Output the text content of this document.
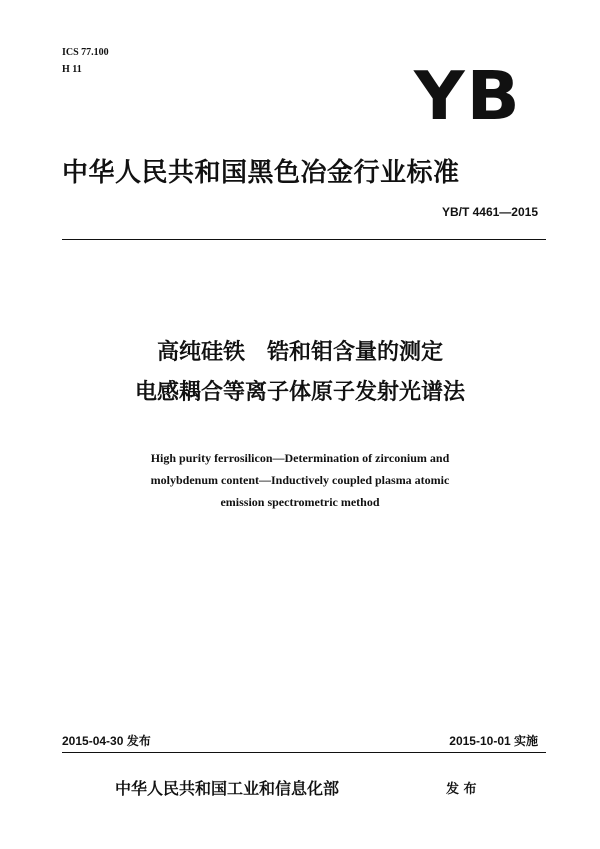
ICS 77.100
H 11	YB
中华人民共和国黑色冶金行业标准
YB/T 4461—2015
高纯硅铁　锆和钼含量的测定
电感耦合等离子体原子发射光谱法
High purity ferrosilicon—Determination of zirconium and
molybdenum content—Inductively coupled plasma atomic
emission spectrometric method
2015-04-30 发布	2015-10-01 实施
中华人民共和国工业和信息化部	发 布
